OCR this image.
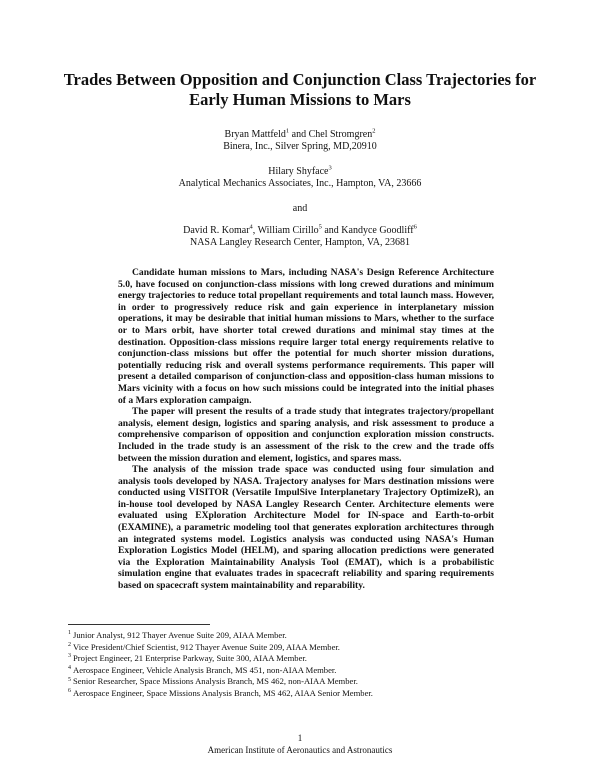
Trades Between Opposition and Conjunction Class Trajectories for
Early Human Missions to Mars
Bryan Mattfeld$^1$ and Chel Stromgren$^2$
Binera, Inc., Silver Spring, MD,20910
Hilary Shyface$^3$
Analytical Mechanics Associates, Inc., Hampton, VA, 23666
and
David R. Komar$^4$, William Cirillo$^5$ and Kandyce Goodliff$^6$
NASA Langley Research Center, Hampton, VA, 23681

Candidate human missions to Mars, including NASA's Design Reference Architecture 5.0, have focused on conjunction-class missions with long crewed durations and minimum energy trajectories to reduce total propellant requirements and total launch mass. However, in order to progressively reduce risk and gain experience in interplanetary mission operations, it may be desirable that initial human missions to Mars, whether to the surface or to Mars orbit, have shorter total crewed durations and minimal stay times at the destination. Opposition-class missions require larger total energy requirements relative to conjunction-class missions but offer the potential for much shorter mission durations, potentially reducing risk and overall systems performance requirements. This paper will present a detailed comparison of conjunction-class and opposition-class human missions to Mars vicinity with a focus on how such missions could be integrated into the initial phases of a Mars exploration campaign.

The paper will present the results of a trade study that integrates trajectory/propellant analysis, element design, logistics and sparing analysis, and risk assessment to produce a comprehensive comparison of opposition and conjunction exploration mission constructs. Included in the trade study is an assessment of the risk to the crew and the trade offs between the mission duration and element, logistics, and spares mass.

The analysis of the mission trade space was conducted using four simulation and analysis tools developed by NASA. Trajectory analyses for Mars destination missions were conducted using VISITOR (Versatile ImpulSive Interplanetary Trajectory OptimizeR), an in-house tool developed by NASA Langley Research Center. Architecture elements were evaluated using EXploration Architecture Model for IN-space and Earth-to-orbit (EXAMINE), a parametric modeling tool that generates exploration architectures through an integrated systems model. Logistics analysis was conducted using NASA's Human Exploration Logistics Model (HELM), and sparing allocation predictions were generated via the Exploration Maintainability Analysis Tool (EMAT), which is a probabilistic simulation engine that evaluates trades in spacecraft reliability and sparing requirements based on spacecraft system maintainability and reparability.

$^1$ Junior Analyst, 912 Thayer Avenue Suite 209, AIAA Member.
$^2$ Vice President/Chief Scientist, 912 Thayer Avenue Suite 209, AIAA Member.
$^3$ Project Engineer, 21 Enterprise Parkway, Suite 300, AIAA Member.
$^4$ Aerospace Engineer, Vehicle Analysis Branch, MS 451, non-AIAA Member.
$^5$ Senior Researcher, Space Missions Analysis Branch, MS 462, non-AIAA Member.
$^6$ Aerospace Engineer, Space Missions Analysis Branch, MS 462, AIAA Senior Member.
1
American Institute of Aeronautics and Astronautics
